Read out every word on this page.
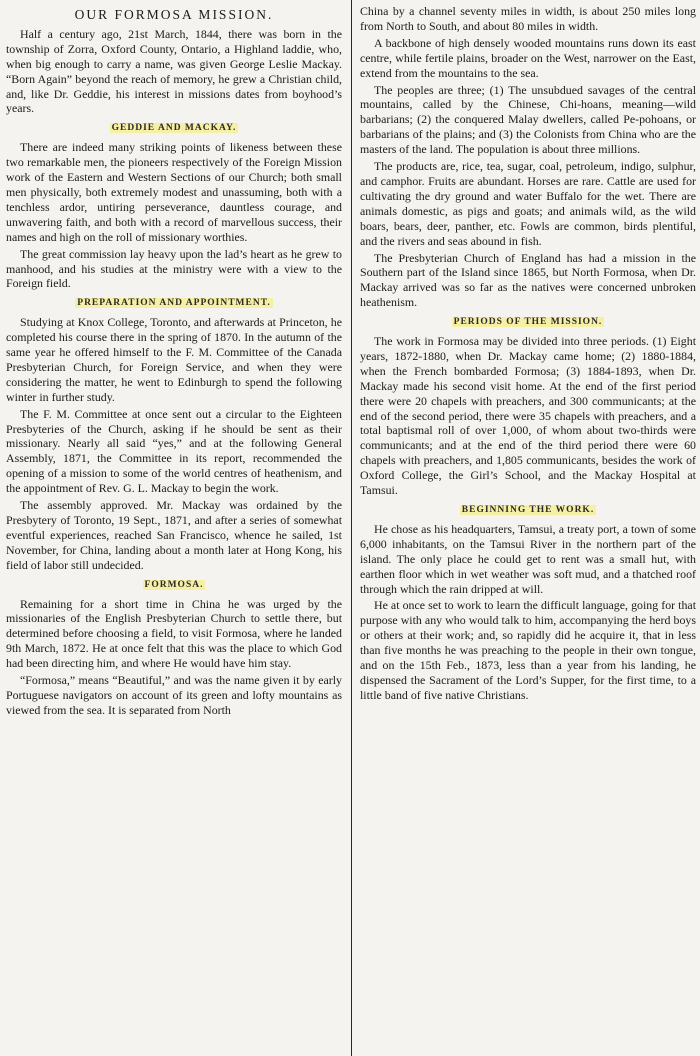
OUR FORMOSA MISSION.

Half a century ago, 21st March, 1844, there was born in the township of Zorra, Oxford County, Ontario, a Highland laddie, who, when big enough to carry a name, was given George Leslie Mackay. “Born Again” beyond the reach of memory, he grew a Christian child, and, like Dr. Geddie, his interest in missions dates from boyhood’s years.

GEDDIE AND MACKAY.

There are indeed many striking points of likeness between these two remarkable men, the pioneers respectively of the Foreign Mission work of the Eastern and Western Sections of our Church; both small men physically, both extremely modest and unassuming, both with a tenchless ardor, untiring perseverance, dauntless courage, and unwavering faith, and both with a record of marvellous success, their names and high on the roll of missionary worthies.

The great commission lay heavy upon the lad’s heart as he grew to manhood, and his studies at the ministry were with a view to the Foreign field.

PREPARATION AND APPOINTMENT.

Studying at Knox College, Toronto, and afterwards at Princeton, he completed his course there in the spring of 1870. In the autumn of the same year he offered himself to the F. M. Committee of the Canada Presbyterian Church, for Foreign Service, and when they were considering the matter, he went to Edinburgh to spend the following winter in further study.

The F. M. Committee at once sent out a circular to the Eighteen Presbyteries of the Church, asking if he should be sent as their missionary. Nearly all said “yes,” and at the following General Assembly, 1871, the Committee in its report, recommended the opening of a mission to some of the world centres of heathenism, and the appointment of Rev. G. L. Mackay to begin the work.

The assembly approved. Mr. Mackay was ordained by the Presbytery of Toronto, 19 Sept., 1871, and after a series of somewhat eventful experiences, reached San Francisco, whence he sailed, 1st November, for China, landing about a month later at Hong Kong, his field of labor still undecided.

FORMOSA.

Remaining for a short time in China he was urged by the missionaries of the English Presbyterian Church to settle there, but determined before choosing a field, to visit Formosa, where he landed 9th March, 1872. He at once felt that this was the place to which God had been directing him, and where He would have him stay.

“Formosa,” means “Beautiful,” and was the name given it by early Portuguese navigators on account of its green and lofty mountains as viewed from the sea. It is separated from North

China by a channel seventy miles in width, is about 250 miles long from North to South, and about 80 miles in width.

A backbone of high densely wooded mountains runs down its east centre, while fertile plains, broader on the West, narrower on the East, extend from the mountains to the sea.

The peoples are three; (1) The unsubdued savages of the central mountains, called by the Chinese, Chi-hoans, meaning—wild barbarians; (2) the conquered Malay dwellers, called Pe-pohoans, or barbarians of the plains; and (3) the Colonists from China who are the masters of the land. The population is about three millions.

The products are, rice, tea, sugar, coal, petroleum, indigo, sulphur, and camphor. Fruits are abundant. Horses are rare. Cattle are used for cultivating the dry ground and water Buffalo for the wet. There are animals domestic, as pigs and goats; and animals wild, as the wild boars, bears, deer, panther, etc. Fowls are common, birds plentiful, and the rivers and seas abound in fish.

The Presbyterian Church of England has had a mission in the Southern part of the Island since 1865, but North Formosa, when Dr. Mackay arrived was so far as the natives were concerned unbroken heathenism.

PERIODS OF THE MISSION.

The work in Formosa may be divided into three periods. (1) Eight years, 1872-1880, when Dr. Mackay came home; (2) 1880-1884, when the French bombarded Formosa; (3) 1884-1893, when Dr. Mackay made his second visit home. At the end of the first period there were 20 chapels with preachers, and 300 communicants; at the end of the second period, there were 35 chapels with preachers, and a total baptismal roll of over 1,000, of whom about two-thirds were communicants; and at the end of the third period there were 60 chapels with preachers, and 1,805 communicants, besides the work of Oxford College, the Girl’s School, and the Mackay Hospital at Tamsui.

BEGINNING THE WORK.

He chose as his headquarters, Tamsui, a treaty port, a town of some 6,000 inhabitants, on the Tamsui River in the northern part of the island. The only place he could get to rent was a small hut, with earthen floor which in wet weather was soft mud, and a thatched roof through which the rain dripped at will.

He at once set to work to learn the difficult language, going for that purpose with any who would talk to him, accompanying the herd boys or others at their work; and, so rapidly did he acquire it, that in less than five months he was preaching to the people in their own tongue, and on the 15th Feb., 1873, less than a year from his landing, he dispensed the Sacrament of the Lord’s Supper, for the first time, to a little band of five native Christians.
